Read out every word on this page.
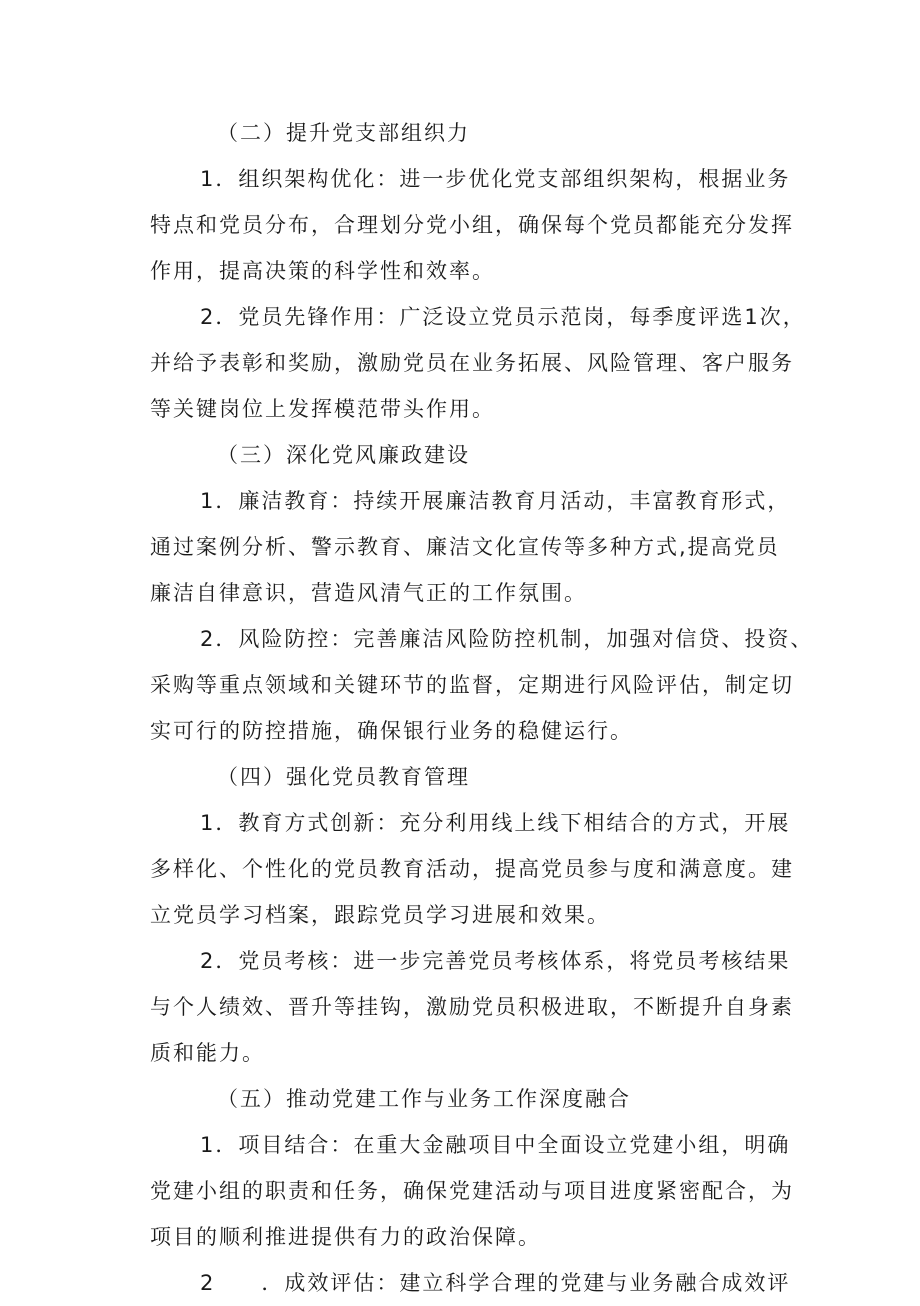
（二）提升党支部组织力
1．组织架构优化：进一步优化党支部组织架构，根据业务
特点和党员分布，合理划分党小组，确保每个党员都能充分发挥
作用，提高决策的科学性和效率。
2．党员先锋作用：广泛设立党员示范岗，每季度评选1次，
并给予表彰和奖励，激励党员在业务拓展、风险管理、客户服务
等关键岗位上发挥模范带头作用。
（三）深化党风廉政建设
1．廉洁教育：持续开展廉洁教育月活动，丰富教育形式，
通过案例分析、警示教育、廉洁文化宣传等多种方式,提高党员
廉洁自律意识，营造风清气正的工作氛围。
2．风险防控：完善廉洁风险防控机制，加强对信贷、投资、
采购等重点领域和关键环节的监督，定期进行风险评估，制定切
实可行的防控措施，确保银行业务的稳健运行。
（四）强化党员教育管理
1．教育方式创新：充分利用线上线下相结合的方式，开展
多样化、个性化的党员教育活动，提高党员参与度和满意度。建
立党员学习档案，跟踪党员学习进展和效果。
2．党员考核：进一步完善党员考核体系，将党员考核结果
与个人绩效、晋升等挂钩，激励党员积极进取，不断提升自身素
质和能力。
（五）推动党建工作与业务工作深度融合
1．项目结合：在重大金融项目中全面设立党建小组，明确
党建小组的职责和任务，确保党建活动与项目进度紧密配合，为
项目的顺利推进提供有力的政治保障。
2　　．成效评估：建立科学合理的党建与业务融合成效评
